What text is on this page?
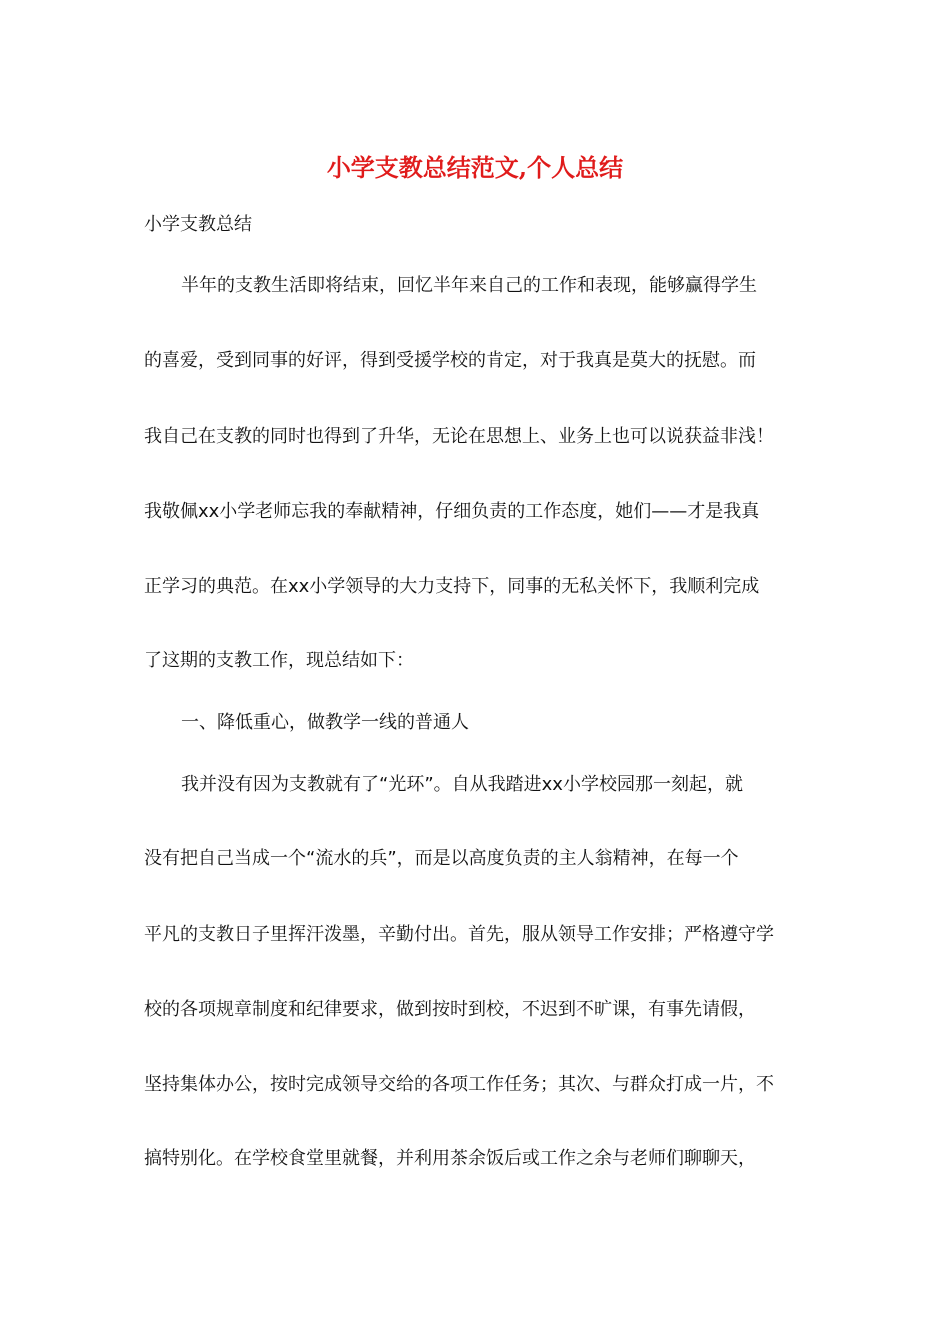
小学支教总结范文,个人总结
小学支教总结
半年的支教生活即将结束，回忆半年来自己的工作和表现，能够赢得学生
的喜爱，受到同事的好评，得到受援学校的肯定，对于我真是莫大的抚慰。而
我自己在支教的同时也得到了升华，无论在思想上、业务上也可以说获益非浅！
我敬佩xx小学老师忘我的奉献精神，仔细负责的工作态度，她们——才是我真
正学习的典范。在xx小学领导的大力支持下，同事的无私关怀下，我顺利完成
了这期的支教工作，现总结如下：
一、降低重心，做教学一线的普通人
我并没有因为支教就有了“光环”。自从我踏进xx小学校园那一刻起，就
没有把自己当成一个“流水的兵”，而是以高度负责的主人翁精神，在每一个
平凡的支教日子里挥汗泼墨，辛勤付出。首先，服从领导工作安排；严格遵守学
校的各项规章制度和纪律要求，做到按时到校，不迟到不旷课，有事先请假，
坚持集体办公，按时完成领导交给的各项工作任务；其次、与群众打成一片，不
搞特别化。在学校食堂里就餐，并利用茶余饭后或工作之余与老师们聊聊天，
